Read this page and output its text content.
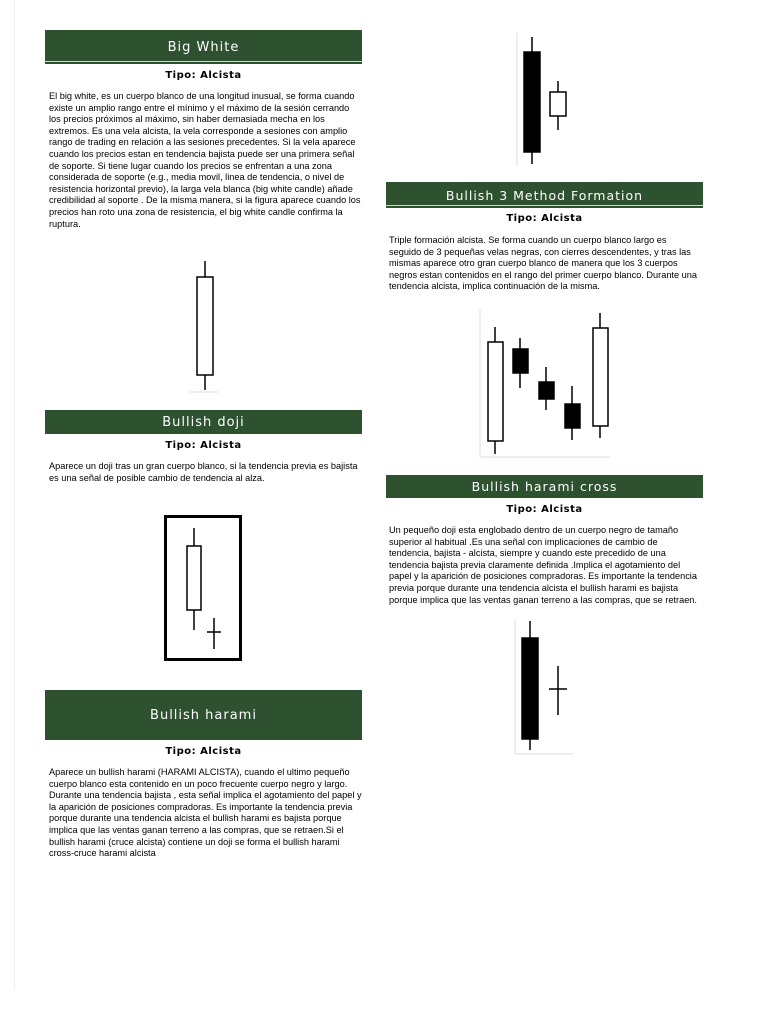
Big White
Tipo: Alcista

El big white, es un cuerpo blanco de una longitud inusual, se forma cuando existe un amplio rango entre el mínimo y el máximo de la sesión cerrando los precios próximos al máximo, sin haber demasiada mecha en los extremos. Es una vela alcista, la vela corresponde a sesiones con amplio rango de trading en relación a las sesiones precedentes. Si la vela aparece cuando los precios estan en tendencia bajista puede ser una primera señal de soporte. Si tiene lugar cuando los precios se enfrentan a una zona considerada de soporte (e.g., media movil, linea de tendencia, o nivel de resistencia horizontal previo), la larga vela blanca (big white candle) añade credibilidad al soporte . De la misma manera, si la figura aparece cuando los precios han roto una zona de resistencia, el big white candle confirma la ruptura.

Bullish doji
Tipo: Alcista

Aparece un doji tras un gran cuerpo blanco, si la tendencia previa es bajista es una señal de posible cambio de tendencia al alza.

Bullish harami
Tipo: Alcista

Aparece un bullish harami (HARAMI ALCISTA), cuando el ultimo pequeño cuerpo blanco esta contenido en un poco frecuente cuerpo negro y largo. Durante una tendencia bajista , esta señal implica el agotamiento del papel y la aparición de posiciones compradoras. Es importante la tendencia previa porque durante una tendencia alcista el bullish harami es bajista porque implica que las ventas ganan terreno a las compras, que se retraen.Si el bullish harami (cruce alcista) contiene un doji se forma el bullish harami cross-cruce harami alcista

Bullish 3 Method Formation
Tipo: Alcista

Triple formación alcista. Se forma cuando un cuerpo blanco largo es seguido de 3 pequeñas velas negras, con cierres descendentes, y tras las mismas aparece otro gran cuerpo blanco de manera que los 3 cuerpos negros estan contenidos en el rango del primer cuerpo blanco. Durante una tendencia alcista, implica continuación de la misma.

Bullish harami cross
Tipo: Alcista

Un pequeño doji esta englobado dentro de un cuerpo negro de tamaño superior al habitual .Es una señal con implicaciones de cambio de tendencia, bajista - alcista, siempre y cuando este precedido de una tendencia bajista previa claramente definida .Implica el agotamiento del papel y la aparición de posiciones compradoras. Es importante la tendencia previa porque durante una tendencia alcista el bullish harami es bajista porque implica que las ventas ganan terreno a las compras, que se retraen.
